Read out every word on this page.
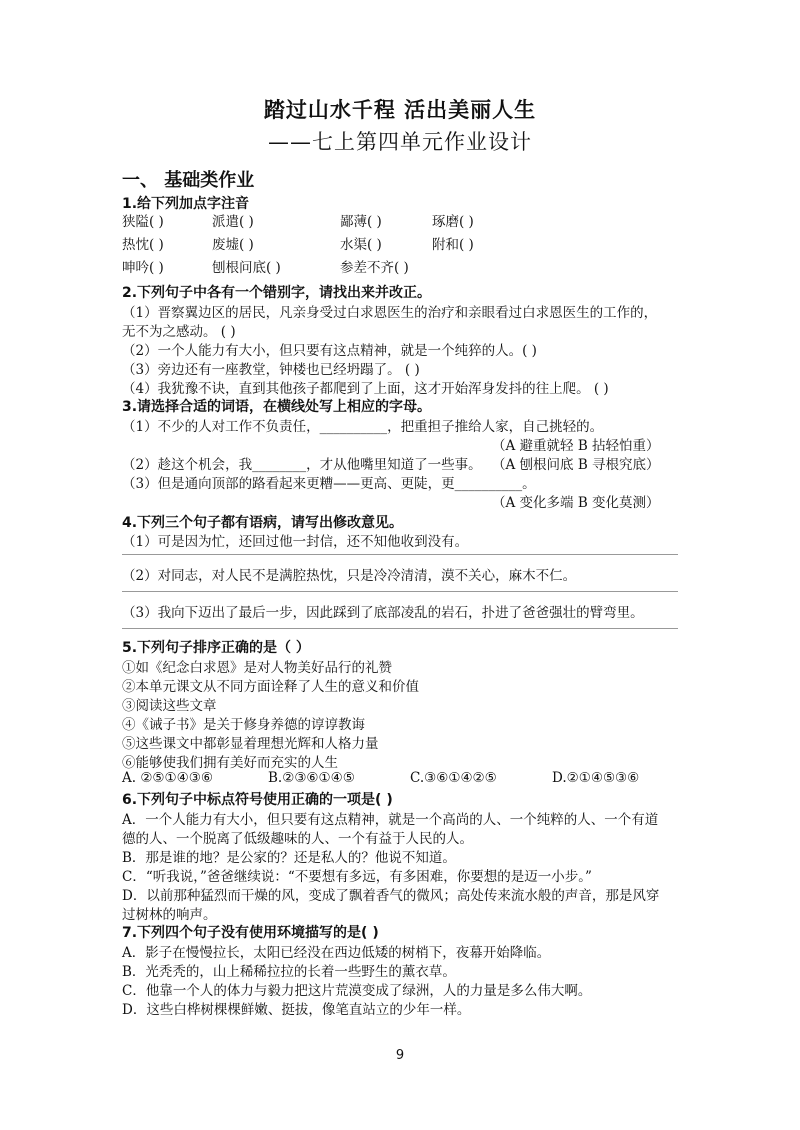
踏过山水千程 活出美丽人生
——七上第四单元作业设计
一、 基础类作业
1.给下列加点字注音
狭隘( )	派遣( )	鄙薄( )	琢磨( )
热忱( )	废墟( )	水渠( )	附和( )
呻吟( )	刨根问底( )	参差不齐( )
2.下列句子中各有一个错别字，请找出来并改正。
（1）晋察翼边区的居民，凡亲身受过白求恩医生的治疗和亲眼看过白求恩医生的工作的，
无不为之感动。 ( )
（2）一个人能力有大小，但只要有这点精神，就是一个纯猝的人。( )
（3）旁边还有一座教堂，钟楼也已经坍蹋了。 ( )
（4）我犹豫不诀，直到其他孩子都爬到了上面，这才开始浑身发抖的往上爬。 ( )
3.请选择合适的词语，在横线处写上相应的字母。
（1）不少的人对工作不负责任，__________，把重担子推给人家，自己挑轻的。
（A 避重就轻 B 拈轻怕重）
（2）趁这个机会，我________，才从他嘴里知道了一些事。 （A 刨根问底 B 寻根究底）
（3）但是通向顶部的路看起来更糟——更高、更陡，更__________。
（A 变化多端 B 变化莫测）
4.下列三个句子都有语病，请写出修改意见。
（1）可是因为忙，还回过他一封信，还不知他收到没有。
（2）对同志，对人民不是满腔热忱，只是冷冷清清，漠不关心，麻木不仁。
（3）我向下迈出了最后一步，因此踩到了底部凌乱的岩石，扑进了爸爸强壮的臂弯里。
5.下列句子排序正确的是（ ）
①如《纪念白求恩》是对人物美好品行的礼赞
②本单元课文从不同方面诠释了人生的意义和价值
③阅读这些文章
④《诫子书》是关于修身养德的谆谆教诲
⑤这些课文中都彰显着理想光辉和人格力量
⑥能够使我们拥有美好而充实的人生
A. ②⑤①④③⑥	B.②③⑥①④⑤	C.③⑥①④②⑤	D.②①④⑤③⑥
6.下列句子中标点符号使用正确的一项是( )
A．一个人能力有大小，但只要有这点精神，就是一个高尚的人、一个纯粹的人、一个有道
德的人、一个脱离了低级趣味的人、一个有益于人民的人。
B．那是谁的地？是公家的？还是私人的？他说不知道。
C．“听我说，”爸爸继续说：“不要想有多远，有多困难，你要想的是迈一小步。”
D．以前那种猛烈而干燥的风，变成了飘着香气的微风；高处传来流水般的声音，那是风穿
过树林的响声。
7.下列四个句子没有使用环境描写的是( )
A．影子在慢慢拉长，太阳已经没在西边低矮的树梢下，夜幕开始降临。
B．光秃秃的，山上稀稀拉拉的长着一些野生的薰衣草。
C．他靠一个人的体力与毅力把这片荒漠变成了绿洲，人的力量是多么伟大啊。
D．这些白桦树棵棵鲜嫩、挺拔，像笔直站立的少年一样。
9
